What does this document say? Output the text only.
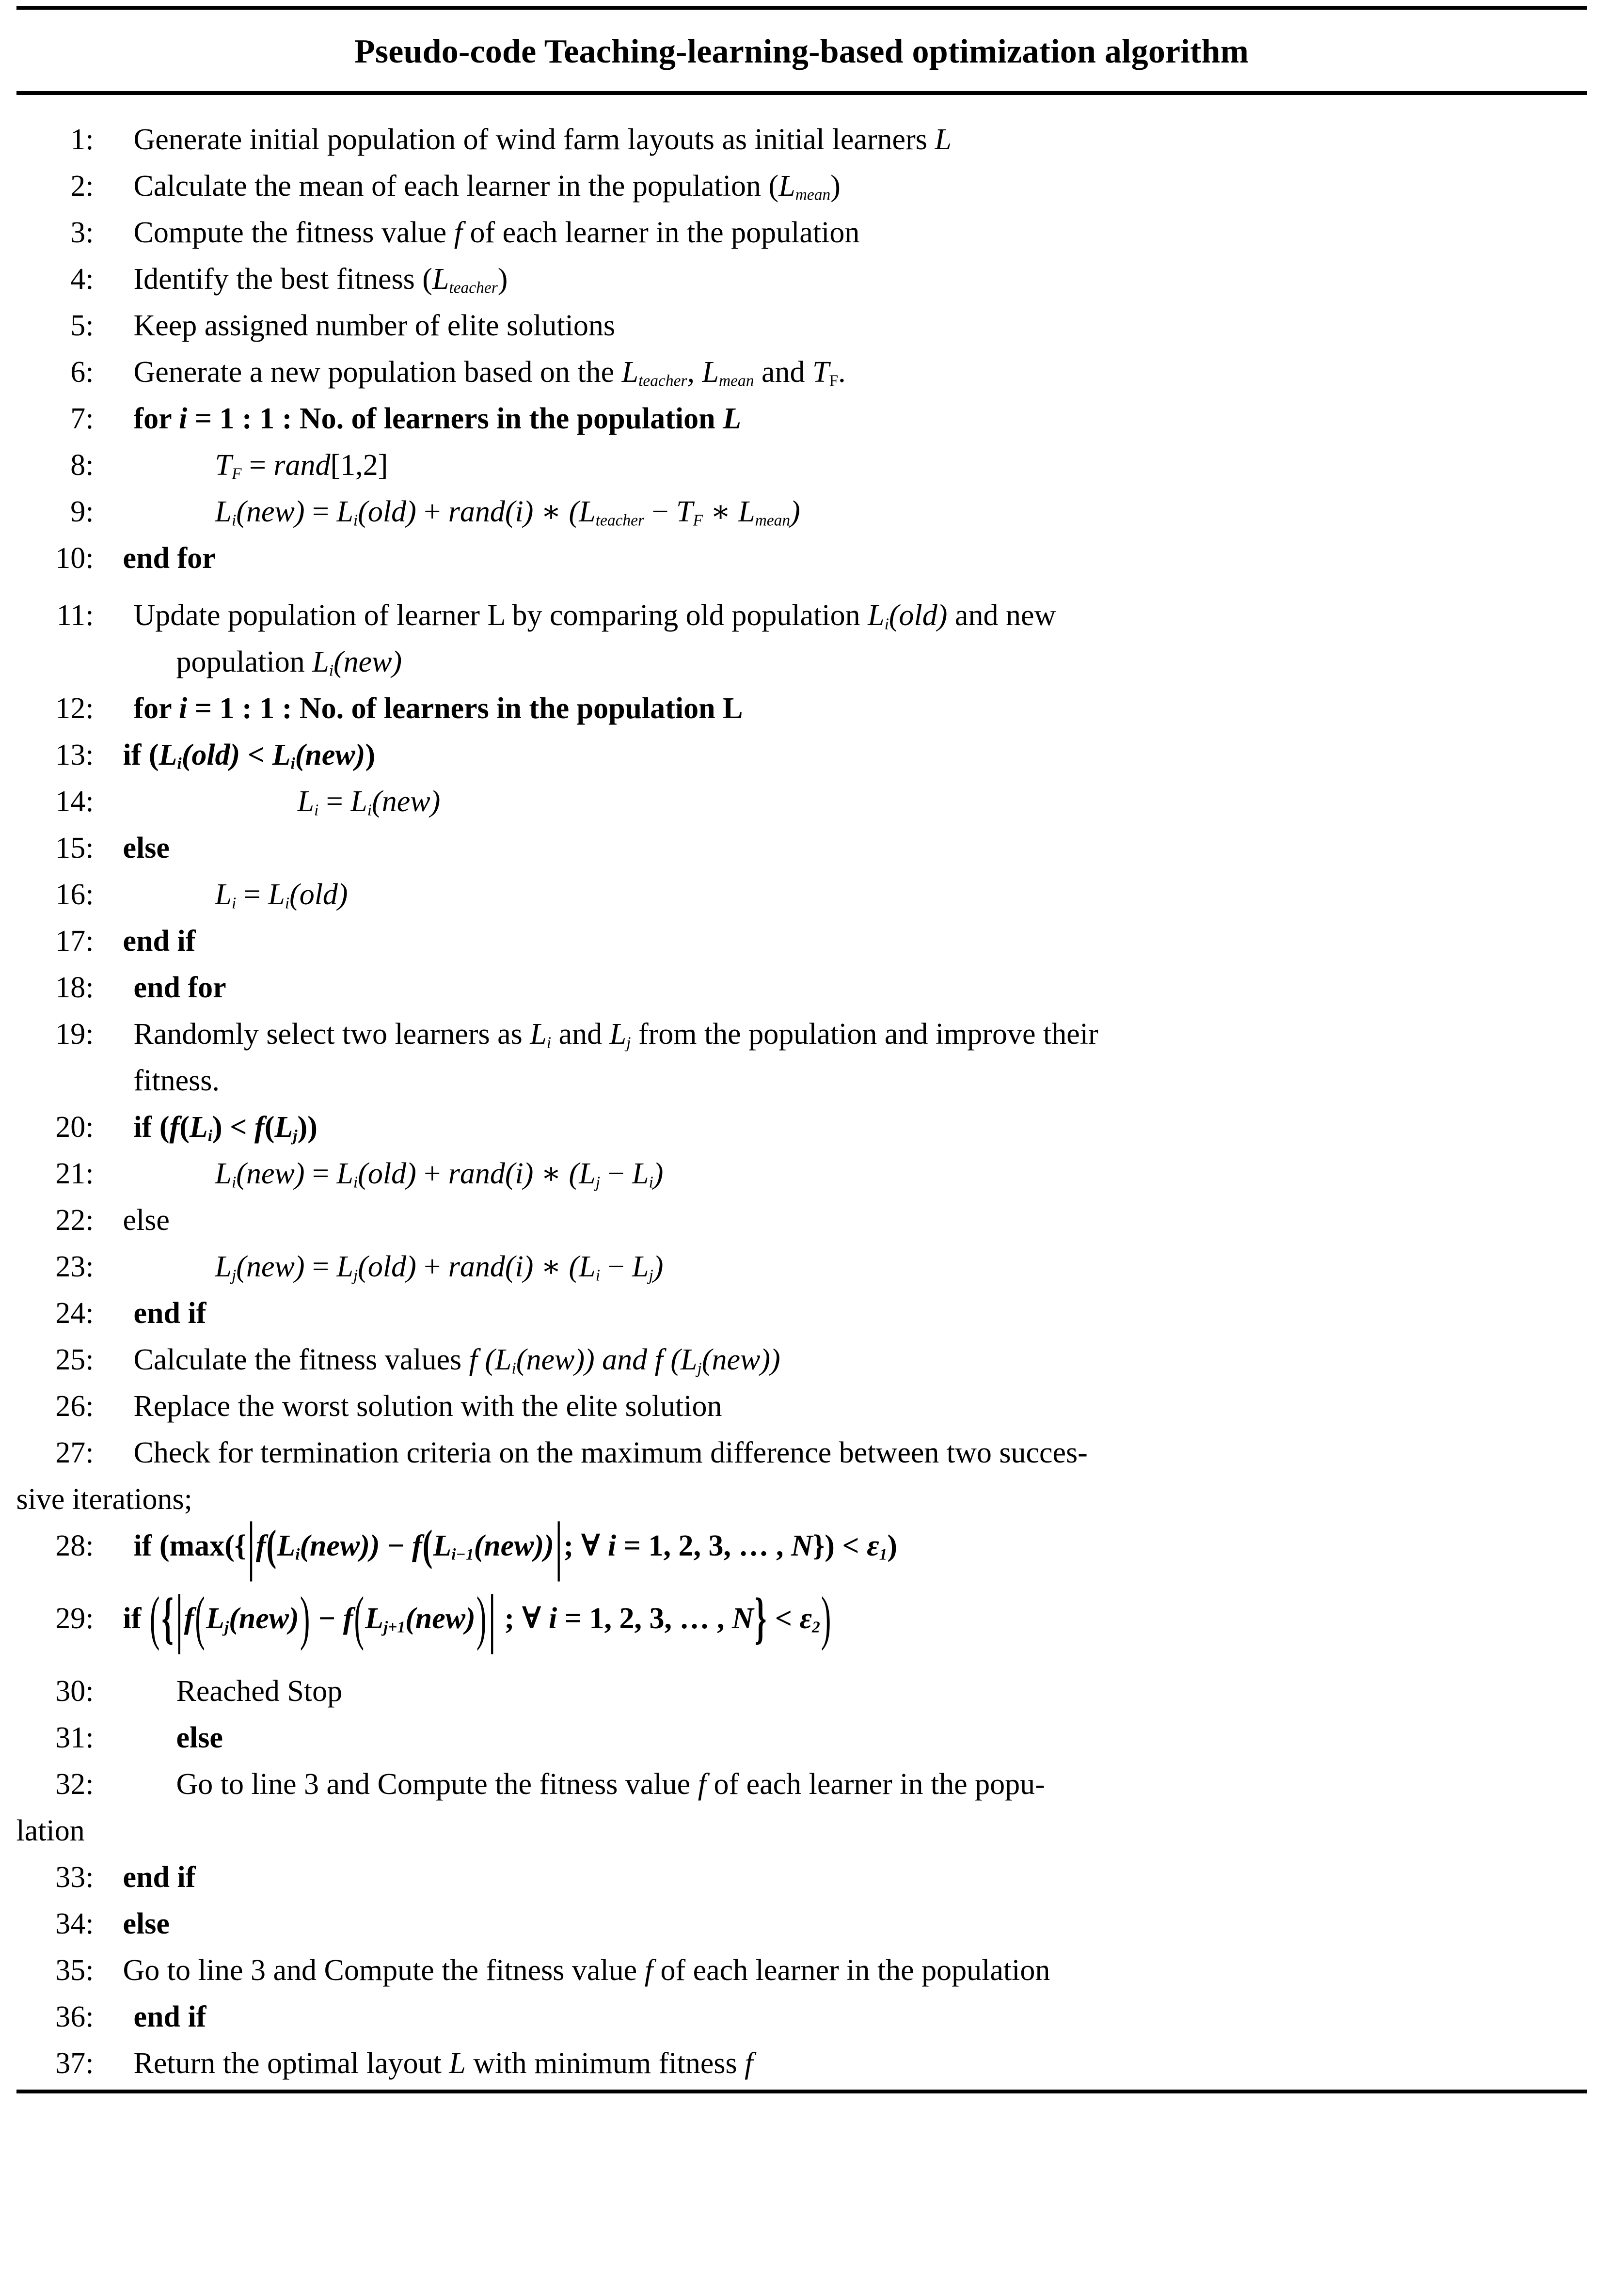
Pseudo-code Teaching-learning-based optimization algorithm
1:	Generate initial population of wind farm layouts as initial learners L
2:	Calculate the mean of each learner in the population $(L_{mean})$
3:	Compute the fitness value f of each learner in the population
4:	Identify the best fitness $(L_{teacher})$
5:	Keep assigned number of elite solutions
6:	Generate a new population based on the $L_{teacher}$, $L_{mean}$ and $T_F$.
7:	for i = 1 : 1 : No. of learners in the population L
8:	$T_F$ = rand[1,2]
9:	$L_i(new) = L_i(old)$ + rand(i) ∗ ($L_{teacher} - T_F$ ∗ $L_{mean}$)
10: end for
11:	Update population of learner L by comparing old population $L_i(old)$ and new
population $L_i(new)$
12:	for i = 1 : 1 : No. of learners in the population L
13: if $(L_i(old) < L_i(new))$
14:	$L_i = L_i(new)$
15: else
16:	$L_i = L_i(old)$
17: end if
18:	end for
19:	Randomly select two learners as $L_i$ and $L_j$ from the population and improve their
fitness.
20:	if $(f(L_i) < f(L_j))$
21:	$L_i(new) = L_i(old)$ + rand(i) ∗ $(L_j - L_i)$
22: else
23:	$L_j(new) = L_j(old)$ + rand(i) ∗ $(L_i - L_j)$
24:	end if
25:	Calculate the fitness values f $(L_i(new))$ and f $(L_j(new))$
26:	Replace the worst solution with the elite solution
27:	Check for termination criteria on the maximum difference between two succes-
sive iterations;
28:	if ($\max(\{|f(L_i(new)) - f(L_{i-1}(new))|$; ∀ i = 1, 2, 3, … , $N\}) < \varepsilon_1$)
29: if ({$|f(L_j(new)) - f(L_{j+1}(new))|$ ; ∀ i = 1, 2, 3, … , $N\} < \varepsilon_2$)
30:	Reached Stop
31:	else
32:	Go to line 3 and Compute the fitness value f of each learner in the popu-
lation
33: end if
34: else
35: Go to line 3 and Compute the fitness value f of each learner in the population
36:	end if
37:	Return the optimal layout L with minimum fitness f
